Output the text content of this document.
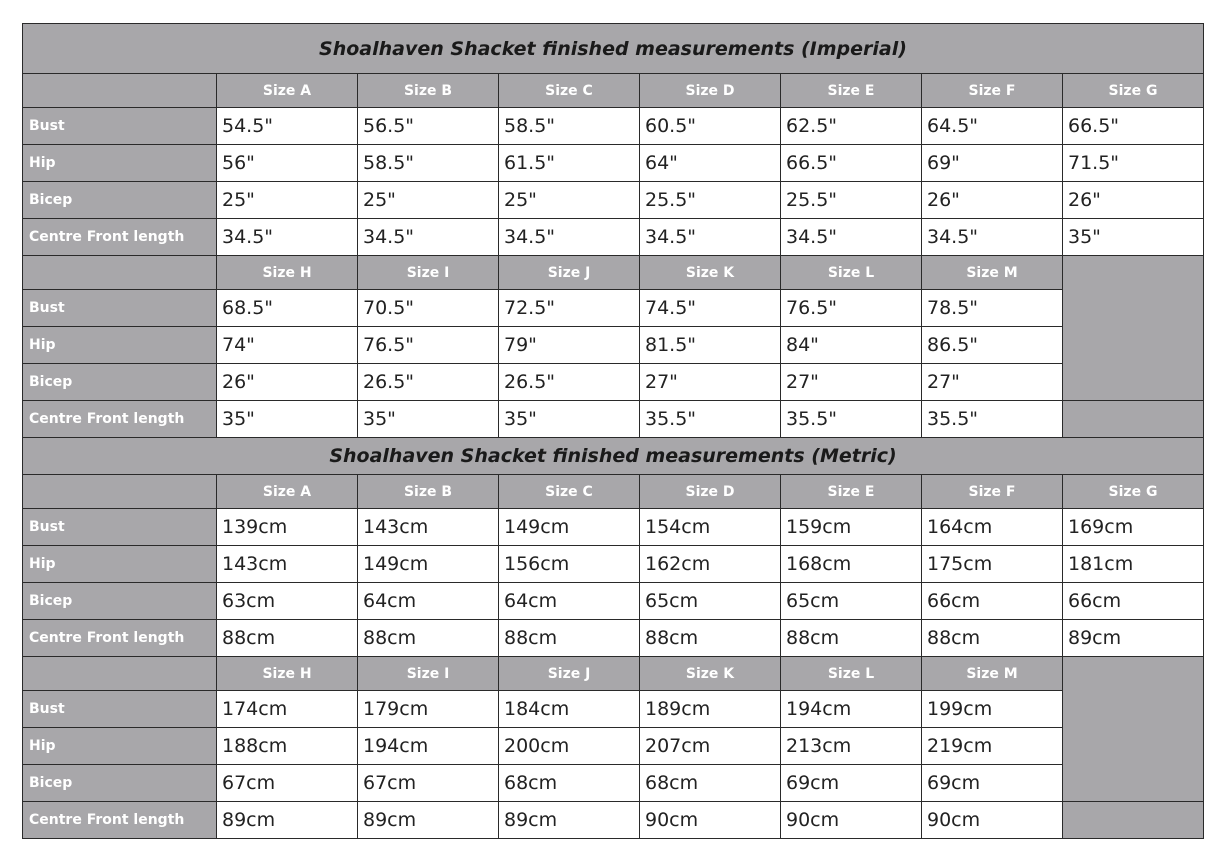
Shoalhaven Shacket finished measurements (Imperial)							
	Size A	Size B	Size C	Size D	Size E	Size F	Size G
Bust	54.5"	56.5"	58.5"	60.5"	62.5"	64.5"	66.5"
Hip	56"	58.5"	61.5"	64"	66.5"	69"	71.5"
Bicep	25"	25"	25"	25.5"	25.5"	26"	26"
Centre Front length	34.5"	34.5"	34.5"	34.5"	34.5"	34.5"	35"
	Size H	Size I	Size J	Size K	Size L	Size M	
Bust	68.5"	70.5"	72.5"	74.5"	76.5"	78.5"	
Hip	74"	76.5"	79"	81.5"	84"	86.5"	
Bicep	26"	26.5"	26.5"	27"	27"	27"	
Centre Front length	35"	35"	35"	35.5"	35.5"	35.5"	
Shoalhaven Shacket finished measurements (Metric)							
	Size A	Size B	Size C	Size D	Size E	Size F	Size G
Bust	139cm	143cm	149cm	154cm	159cm	164cm	169cm
Hip	143cm	149cm	156cm	162cm	168cm	175cm	181cm
Bicep	63cm	64cm	64cm	65cm	65cm	66cm	66cm
Centre Front length	88cm	88cm	88cm	88cm	88cm	88cm	89cm
	Size H	Size I	Size J	Size K	Size L	Size M	
Bust	174cm	179cm	184cm	189cm	194cm	199cm	
Hip	188cm	194cm	200cm	207cm	213cm	219cm	
Bicep	67cm	67cm	68cm	68cm	69cm	69cm	
Centre Front length	89cm	89cm	89cm	90cm	90cm	90cm	
